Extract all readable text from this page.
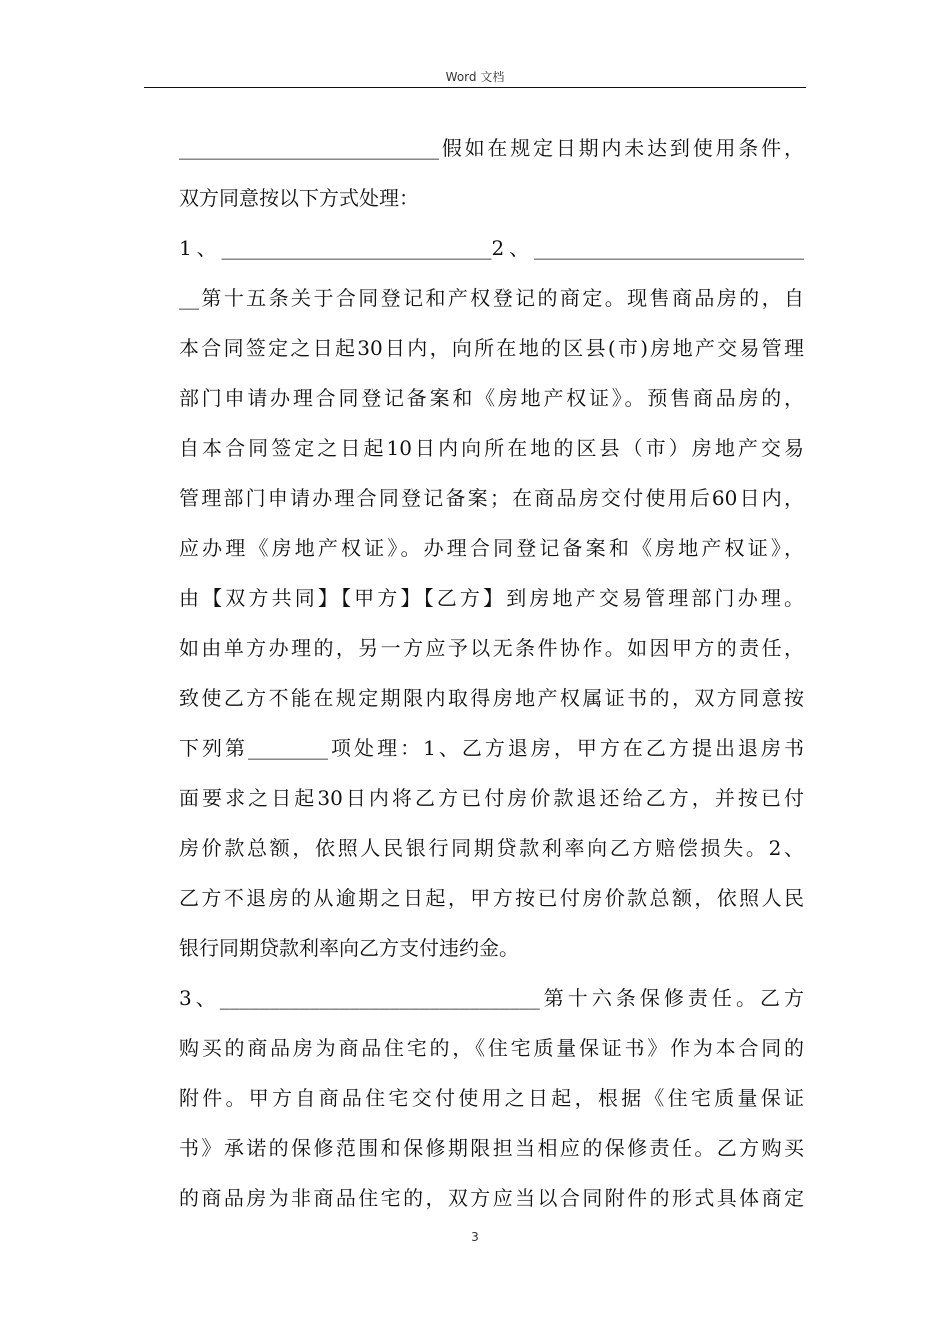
Word 文档
__________________________假如在规定日期内未达到使用条件，
双方同意按以下方式处理：
1、___________________________2、___________________________
__第十五条关于合同登记和产权登记的商定。现售商品房的，自
本合同签定之日起30日内，向所在地的区县(市)房地产交易管理
部门申请办理合同登记备案和《房地产权证》。预售商品房的，
自本合同签定之日起10日内向所在地的区县（市）房地产交易
管理部门申请办理合同登记备案；在商品房交付使用后60日内，
应办理《房地产权证》。办理合同登记备案和《房地产权证》，
由【双方共同】【甲方】【乙方】到房地产交易管理部门办理。
如由单方办理的，另一方应予以无条件协作。如因甲方的责任，
致使乙方不能在规定期限内取得房地产权属证书的，双方同意按
下列第________项处理：1、乙方退房，甲方在乙方提出退房书
面要求之日起30日内将乙方已付房价款退还给乙方，并按已付
房价款总额，依照人民银行同期贷款利率向乙方赔偿损失。2、
乙方不退房的从逾期之日起，甲方按已付房价款总额，依照人民
银行同期贷款利率向乙方支付违约金。
3、________________________________第十六条保修责任。乙方
购买的商品房为商品住宅的，《住宅质量保证书》作为本合同的
附件。甲方自商品住宅交付使用之日起，根据《住宅质量保证
书》承诺的保修范围和保修期限担当相应的保修责任。乙方购买
的商品房为非商品住宅的，双方应当以合同附件的形式具体商定
3
